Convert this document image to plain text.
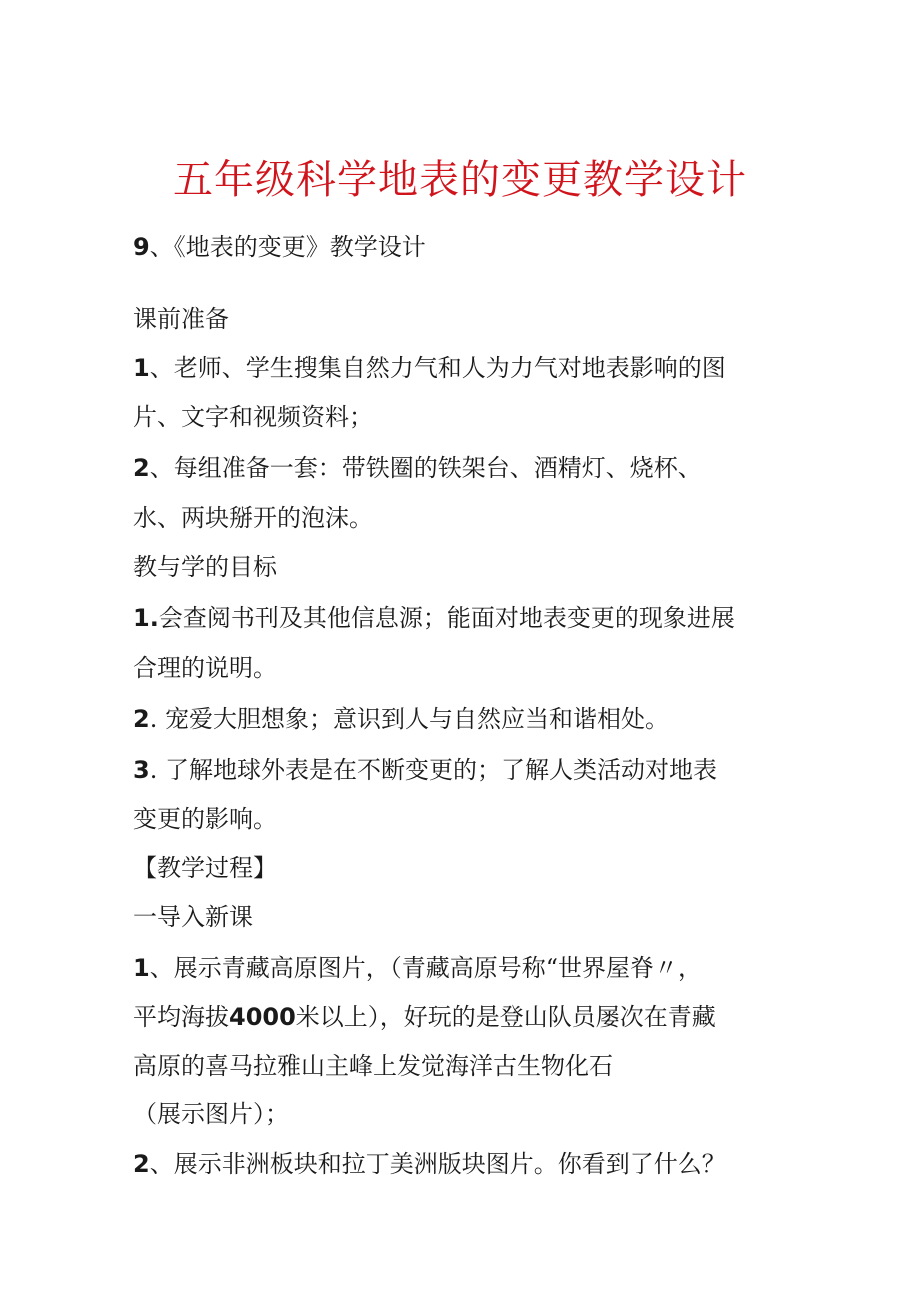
五年级科学地表的变更教学设计
9、《地表的变更》教学设计
课前准备
1、老师、学生搜集自然力气和人为力气对地表影响的图
片、文字和视频资料；
2、每组准备一套：带铁圈的铁架台、酒精灯、烧杯、
水、两块掰开的泡沫。
教与学的目标
1.会查阅书刊及其他信息源；能面对地表变更的现象进展
合理的说明。
2. 宠爱大胆想象；意识到人与自然应当和谐相处。
3. 了解地球外表是在不断变更的；了解人类活动对地表
变更的影响。
【教学过程】
一导入新课
1、展示青藏高原图片，（青藏高原号称“世界屋脊〃，
平均海拔4000米以上），好玩的是登山队员屡次在青藏
高原的喜马拉雅山主峰上发觉海洋古生物化石
（展示图片）；
2、展示非洲板块和拉丁美洲版块图片。你看到了什么？
